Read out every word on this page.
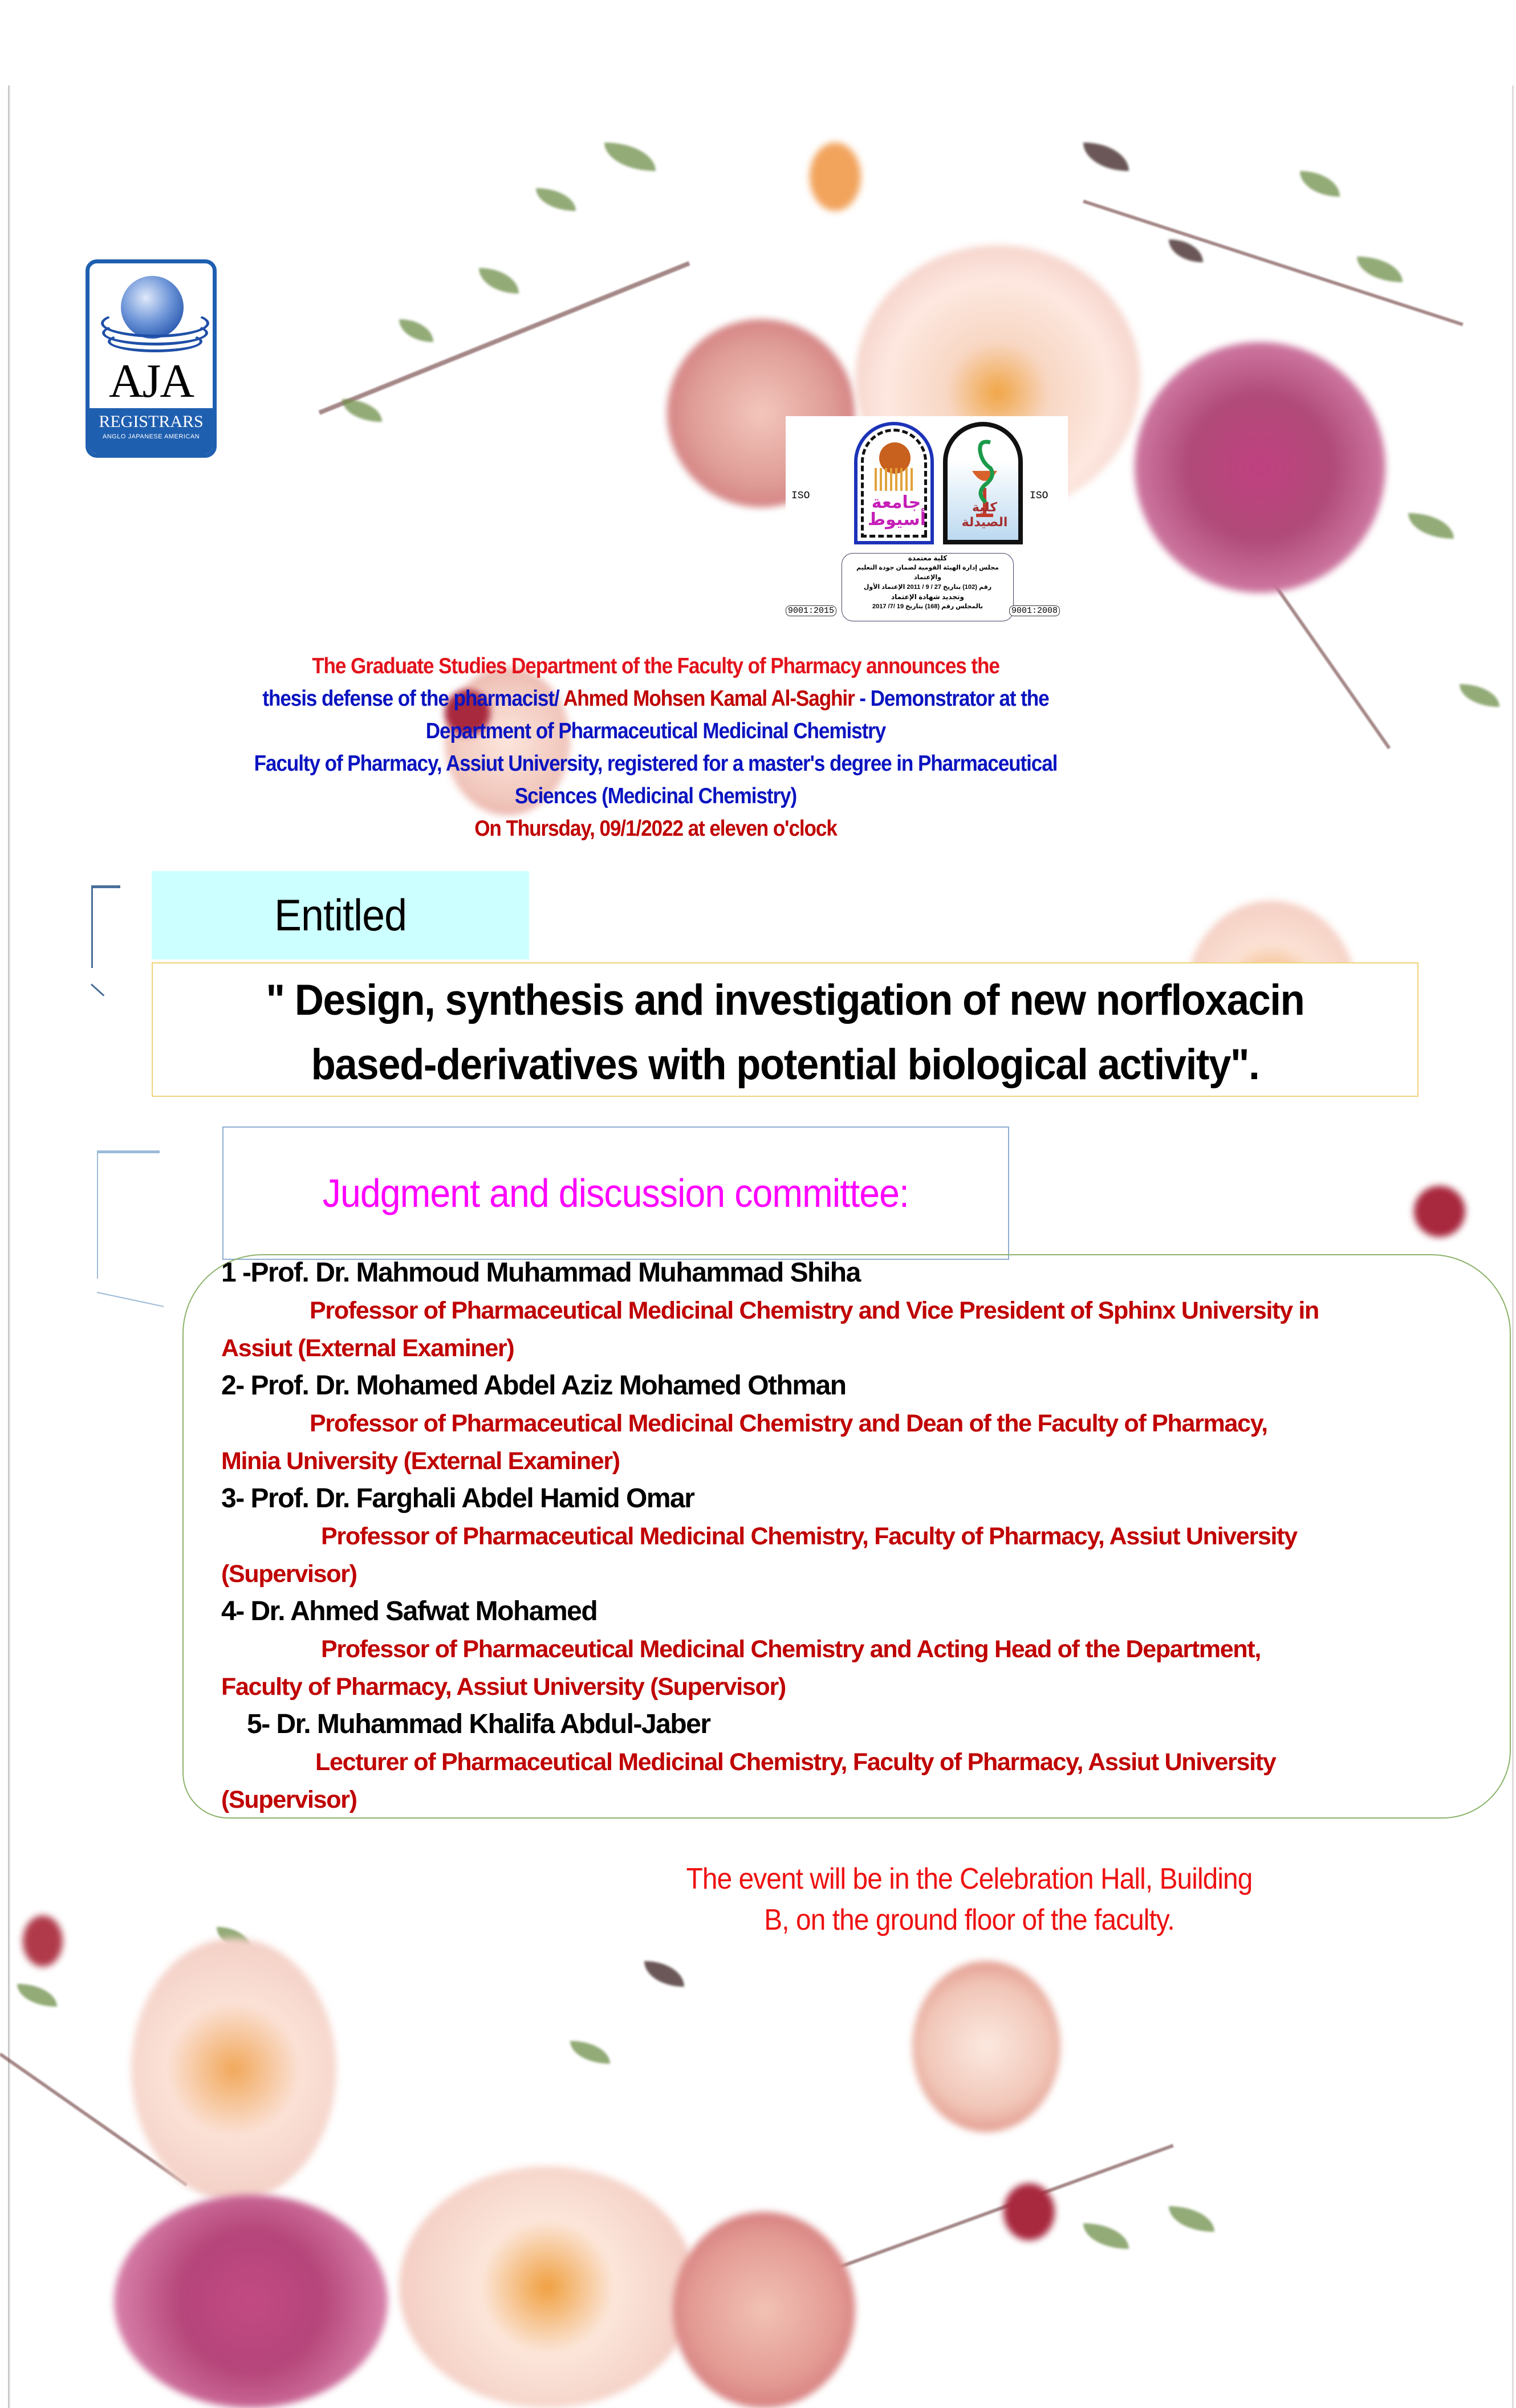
AJA
REGISTRARS
ANGLO JAPANESE AMERICAN
ISO	ISO
جامعة أسيوط
كلية الصيدلة
كلية معتمدة
مجلس إدارة الهيئة القومية لضمان جودة التعليم والإعتماد
رقم (102) بتاريخ 27 / 9 / 2011 الإعتماد الأول
وتجديد شهادة الإعتماد
بالمجلس رقم (168) بتاريخ 19 /7/ 2017
9001:2015	9001:2008
The Graduate Studies Department of the Faculty of Pharmacy announces the
thesis defense of the pharmacist/ Ahmed Mohsen Kamal Al-Saghir - Demonstrator at the
Department of Pharmaceutical Medicinal Chemistry
Faculty of Pharmacy, Assiut University, registered for a master's degree in Pharmaceutical
Sciences (Medicinal Chemistry)
On Thursday, 09/1/2022 at eleven o'clock
Entitled
" Design, synthesis and investigation of new norfloxacin
based-derivatives with potential biological activity".
Judgment and discussion committee:
1 -Prof. Dr. Mahmoud Muhammad Muhammad Shiha
Professor of Pharmaceutical Medicinal Chemistry and Vice President of Sphinx University in
Assiut (External Examiner)
2- Prof. Dr. Mohamed Abdel Aziz Mohamed Othman
Professor of Pharmaceutical Medicinal Chemistry and Dean of the Faculty of Pharmacy,
Minia University (External Examiner)
3- Prof. Dr. Farghali Abdel Hamid Omar
Professor of Pharmaceutical Medicinal Chemistry, Faculty of Pharmacy, Assiut University
(Supervisor)
4- Dr. Ahmed Safwat Mohamed
Professor of Pharmaceutical Medicinal Chemistry and Acting Head of the Department,
Faculty of Pharmacy, Assiut University (Supervisor)
5- Dr. Muhammad Khalifa Abdul-Jaber
Lecturer of Pharmaceutical Medicinal Chemistry, Faculty of Pharmacy, Assiut University
(Supervisor)
The event will be in the Celebration Hall, Building
B, on the ground floor of the faculty.
